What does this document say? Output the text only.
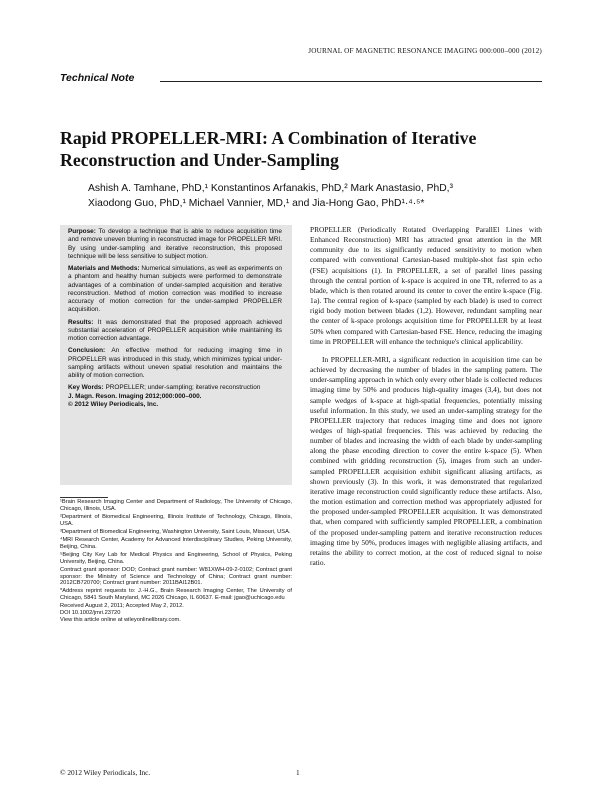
JOURNAL OF MAGNETIC RESONANCE IMAGING 000:000–000 (2012)
Technical Note
Rapid PROPELLER-MRI: A Combination of Iterative Reconstruction and Under-Sampling
Ashish A. Tamhane, PhD,¹ Konstantinos Arfanakis, PhD,² Mark Anastasio, PhD,³
Xiaodong Guo, PhD,¹ Michael Vannier, MD,¹ and Jia-Hong Gao, PhD¹·⁴·⁵*

Purpose: To develop a technique that is able to reduce acquisition time and remove uneven blurring in reconstructed image for PROPELLER MRI. By using under-sampling and iterative reconstruction, this proposed technique will be less sensitive to subject motion.

Materials and Methods: Numerical simulations, as well as experiments on a phantom and healthy human subjects were performed to demonstrate advantages of a combination of under-sampled acquisition and iterative reconstruction. Method of motion correction was modified to increase accuracy of motion correction for the under-sampled PROPELLER acquisition.

Results: It was demonstrated that the proposed approach achieved substantial acceleration of PROPELLER acquisition while maintaining its motion correction advantage.

Conclusion: An effective method for reducing imaging time in PROPELLER was introduced in this study, which minimizes typical under-sampling artifacts without uneven spatial resolution and maintains the ability of motion correction.

Key Words: PROPELLER; under-sampling; iterative reconstruction

J. Magn. Reson. Imaging 2012;000:000–000.
© 2012 Wiley Periodicals, Inc.

¹Brain Research Imaging Center and Department of Radiology, The University of Chicago, Chicago, Illinois, USA.

²Department of Biomedical Engineering, Illinois Institute of Technology, Chicago, Illinois, USA.

³Department of Biomedical Engineering, Washington University, Saint Louis, Missouri, USA.

⁴MRI Research Center, Academy for Advanced Interdisciplinary Studies, Peking University, Beijing, China.

⁵Beijing City Key Lab for Medical Physics and Engineering, School of Physics, Peking University, Beijing, China.

Contract grant sponsor: DOD; Contract grant number: W81XWH-09-2-0102; Contract grant sponsor: the Ministry of Science and Technology of China; Contract grant number: 2012CB720700; Contract grant number: 2011BAI12B01.

*Address reprint requests to: J.-H.G., Brain Research Imaging Center, The University of Chicago, 5841 South Maryland, MC 2026 Chicago, IL 60637. E-mail: jgao@uchicago.edu

Received August 2, 2011; Accepted May 2, 2012.

DOI 10.1002/jmri.23720

View this article online at wileyonlinelibrary.com.

PROPELLER (Periodically Rotated Overlapping ParallEl Lines with Enhanced Reconstruction) MRI has attracted great attention in the MR community due to its significantly reduced sensitivity to motion when compared with conventional Cartesian-based multiple-shot fast spin echo (FSE) acquisitions (1). In PROPELLER, a set of parallel lines passing through the central portion of k-space is acquired in one TR, referred to as a blade, which is then rotated around its center to cover the entire k-space (Fig. 1a). The central region of k-space (sampled by each blade) is used to correct rigid body motion between blades (1,2). However, redundant sampling near the center of k-space prolongs acquisition time for PROPELLER by at least 50% when compared with Cartesian-based FSE. Hence, reducing the imaging time in PROPELLER will enhance the technique's clinical applicability.

In PROPELLER-MRI, a significant reduction in acquisition time can be achieved by decreasing the number of blades in the sampling pattern. The under-sampling approach in which only every other blade is collected reduces imaging time by 50% and produces high-quality images (3,4), but does not sample wedges of k-space at high-spatial frequencies, potentially missing useful information. In this study, we used an under-sampling strategy for the PROPELLER trajectory that reduces imaging time and does not ignore wedges of high-spatial frequencies. This was achieved by reducing the number of blades and increasing the width of each blade by under-sampling along the phase encoding direction to cover the entire k-space (5). When combined with gridding reconstruction (5), images from such an under-sampled PROPELLER acquisition exhibit significant aliasing artifacts, as shown previously (3). In this work, it was demonstrated that regularized iterative image reconstruction could significantly reduce these artifacts. Also, the motion estimation and correction method was appropriately adjusted for the proposed under-sampled PROPELLER acquisition. It was demonstrated that, when compared with sufficiently sampled PROPELLER, a combination of the proposed under-sampling pattern and iterative reconstruction reduces imaging time by 50%, produces images with negligible aliasing artifacts, and retains the ability to correct motion, at the cost of reduced signal to noise ratio.

© 2012 Wiley Periodicals, Inc.	1
